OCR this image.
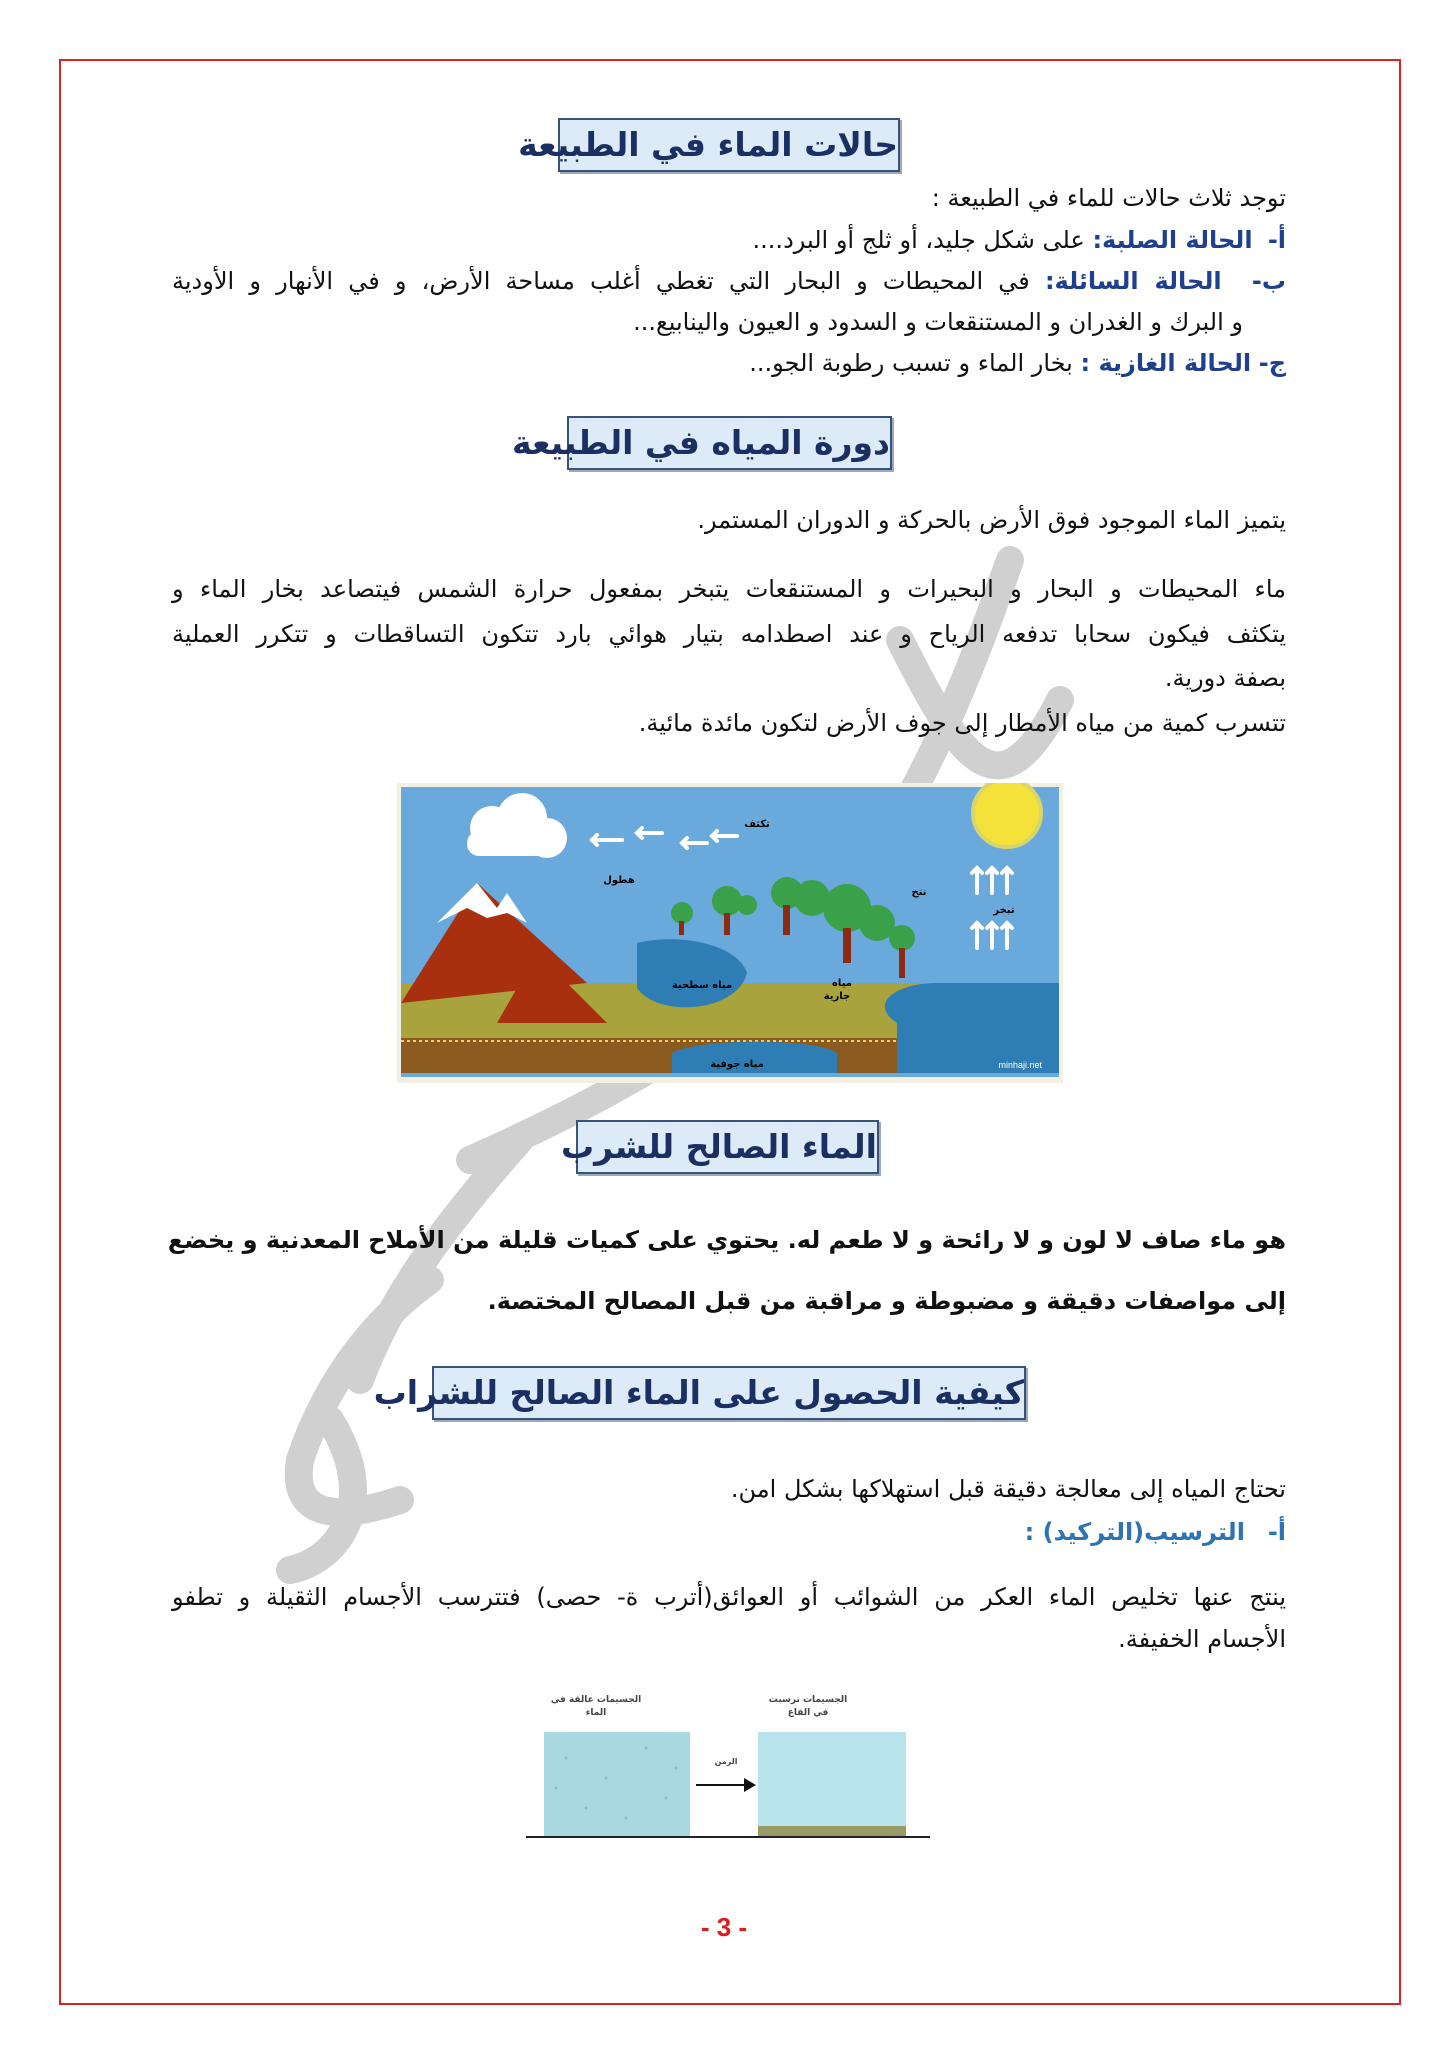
حالات الماء في الطبيعة
توجد ثلاث حالات للماء في الطبيعة :
أ-  الحالة الصلبة: على شكل جليد، أو ثلج أو البرد....
ب-  الحالة السائلة: في المحيطات و البحار التي تغطي أغلب مساحة الأرض، و في الأنهار و الأودية
و البرك و الغدران و المستنقعات و السدود و العيون والينابيع...
ج- الحالة الغازية : بخار الماء و تسبب رطوبة الجو...
دورة المياه في الطبيعة
يتميز الماء الموجود فوق الأرض بالحركة و الدوران المستمر.
ماء المحيطات و البحار و البحيرات و المستنقعات يتبخر بمفعول حرارة الشمس فيتصاعد بخار الماء و
يتكثف فيكون سحابا تدفعه الرياح و عند اصطدامه بتيار هوائي بارد تتكون التساقطات و تتكرر العملية
بصفة دورية.
تتسرب كمية من مياه الأمطار إلى جوف الأرض لتكون مائدة مائية.
تكثف
هطول
نتح
تبخر
مياه سطحية	مياه
جارية
مياه جوفية	minhaji.net
الماء الصالح للشرب
هو ماء صاف لا لون و لا رائحة و لا طعم له. يحتوي على كميات قليلة من الأملاح المعدنية و يخضع
إلى مواصفات دقيقة و مضبوطة و مراقبة من قبل المصالح المختصة.
كيفية الحصول على الماء الصالح للشراب
تحتاج المياه إلى معالجة دقيقة قبل استهلاكها بشكل امن.
أ-   الترسيب(التركيد) :
ينتج عنها تخليص الماء العكر من الشوائب أو العوائق(أترب ة- حصى) فتترسب الأجسام الثقيلة و تطفو
الأجسام الخفيفة.
الجسيمات عالقة في
الماء
الجسيمات ترسبت
في القاع
الزمن
- 3 -
